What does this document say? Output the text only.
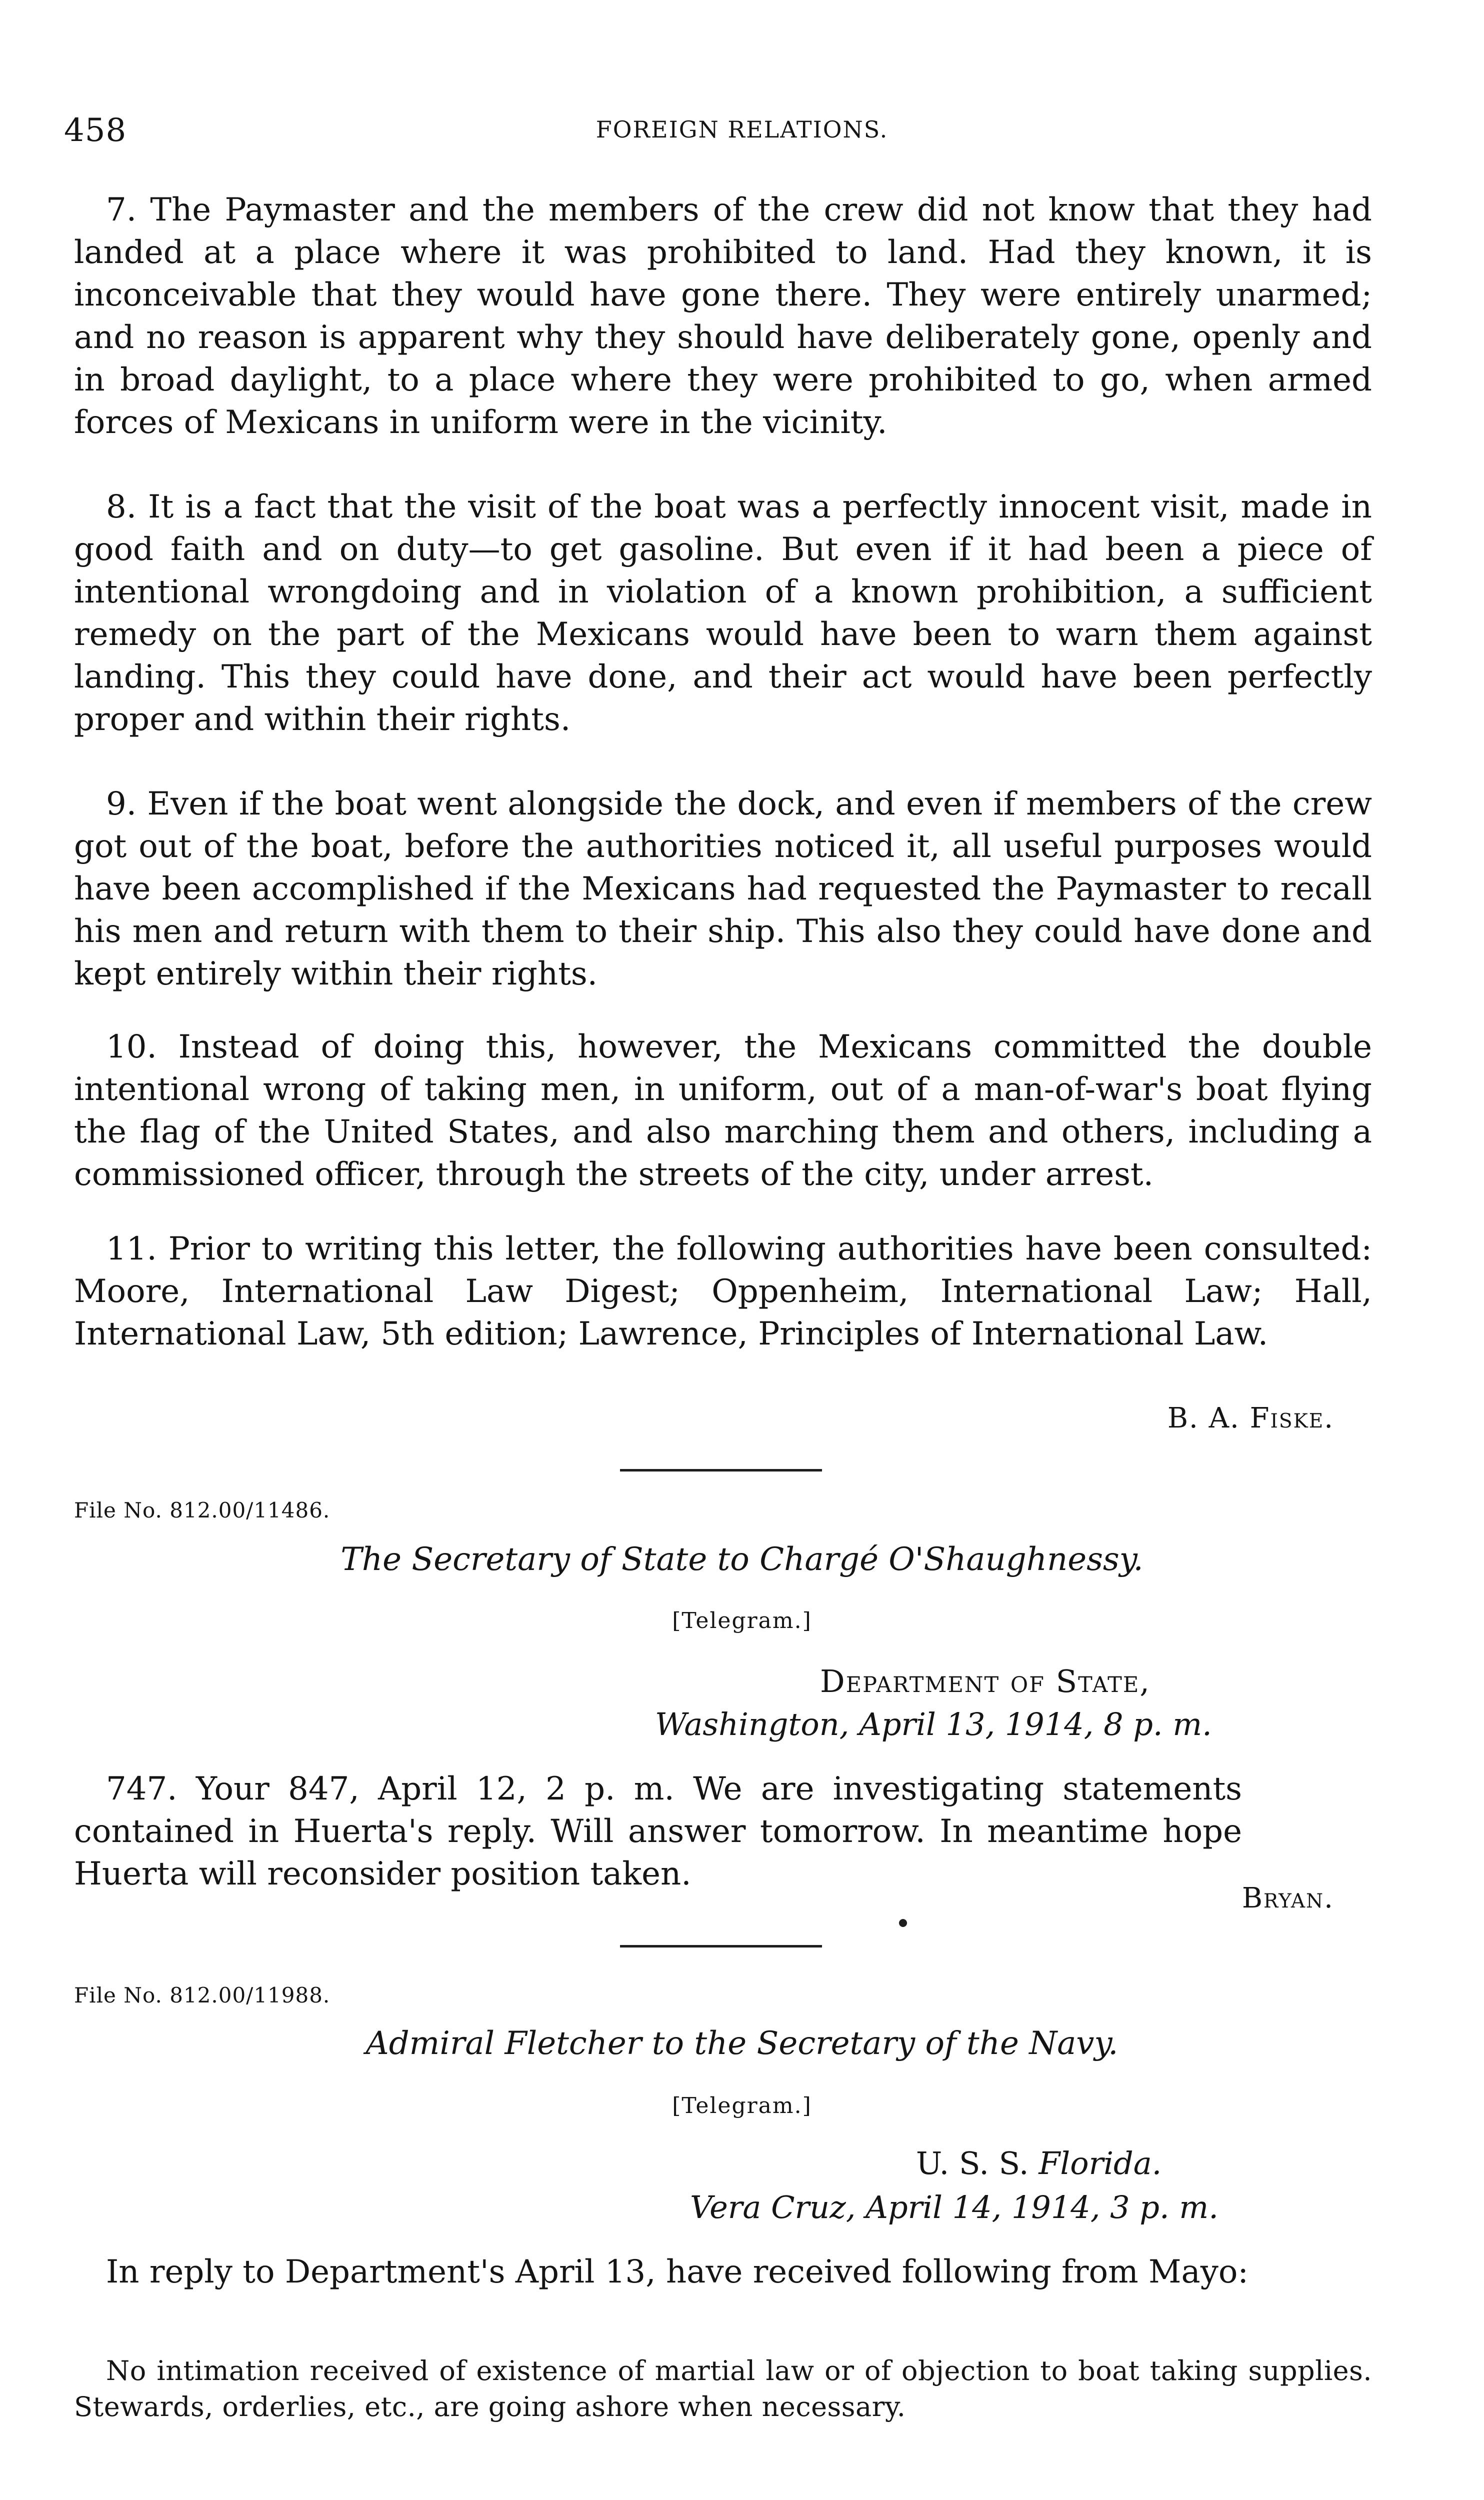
458	FOREIGN RELATIONS.

7. The Paymaster and the members of the crew did not know that they had landed at a place where it was prohibited to land. Had they known, it is inconceivable that they would have gone there. They were entirely unarmed; and no reason is apparent why they should have deliberately gone, openly and in broad daylight, to a place where they were prohibited to go, when armed forces of Mexicans in uniform were in the vicinity.

8. It is a fact that the visit of the boat was a perfectly innocent visit, made in good faith and on duty—to get gasoline. But even if it had been a piece of intentional wrongdoing and in violation of a known prohibition, a sufficient remedy on the part of the Mexicans would have been to warn them against landing. This they could have done, and their act would have been perfectly proper and within their rights.

9. Even if the boat went alongside the dock, and even if members of the crew got out of the boat, before the authorities noticed it, all useful purposes would have been accomplished if the Mexicans had requested the Paymaster to recall his men and return with them to their ship. This also they could have done and kept entirely within their rights.

10. Instead of doing this, however, the Mexicans committed the double intentional wrong of taking men, in uniform, out of a man-of-war's boat flying the flag of the United States, and also marching them and others, including a commissioned officer, through the streets of the city, under arrest.

11. Prior to writing this letter, the following authorities have been consulted: Moore, International Law Digest; Oppenheim, International Law; Hall, International Law, 5th edition; Lawrence, Principles of International Law.

B. A. Fiske.
File No. 812.00/11486.
The Secretary of State to Chargé O'Shaughnessy.
[Telegram.]
Department of State,
Washington, April 13, 1914, 8 p. m.

747. Your 847, April 12, 2 p. m. We are investigating statements contained in Huerta's reply. Will answer tomorrow. In meantime hope Huerta will reconsider position taken.

Bryan.
File No. 812.00/11988.
Admiral Fletcher to the Secretary of the Navy.
[Telegram.]
U. S. S. Florida.
Vera Cruz, April 14, 1914, 3 p. m.

In reply to Department's April 13, have received following from Mayo:

No intimation received of existence of martial law or of objection to boat taking supplies. Stewards, orderlies, etc., are going ashore when necessary.
